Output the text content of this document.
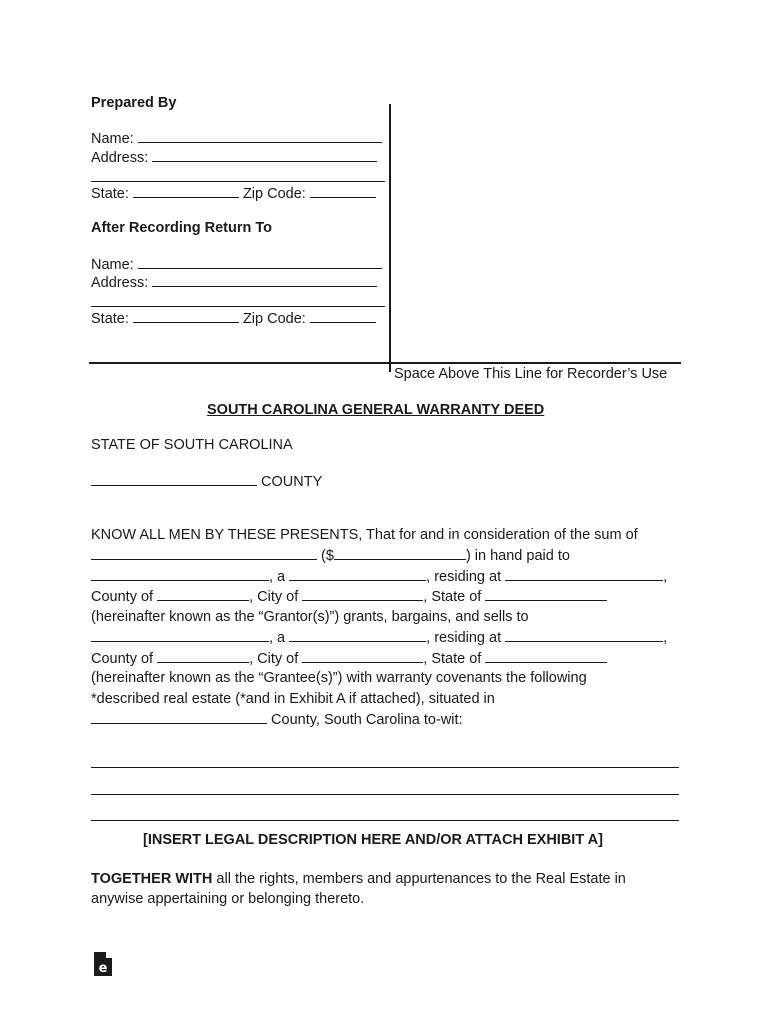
Prepared By
Name:
Address:
State:	Zip Code:
After Recording Return To
Name:
Address:
State:	Zip Code:
Space Above This Line for Recorder’s Use
SOUTH CAROLINA GENERAL WARRANTY DEED
STATE OF SOUTH CAROLINA
COUNTY
KNOW ALL MEN BY THESE PRESENTS, That for and in consideration of the sum of
($	) in hand paid to
, a	, residing at	,
County of	, City of	, State of
(hereinafter known as the “Grantor(s)”) grants, bargains, and sells to
, a	, residing at	,
County of	, City of	, State of
(hereinafter known as the “Grantee(s)”) with warranty covenants the following
*described real estate (*and in Exhibit A if attached), situated in
County, South Carolina to-wit:
[INSERT LEGAL DESCRIPTION HERE AND/OR ATTACH EXHIBIT A]
TOGETHER WITH all the rights, members and appurtenances to the Real Estate in
anywise appertaining or belonging thereto.
e
